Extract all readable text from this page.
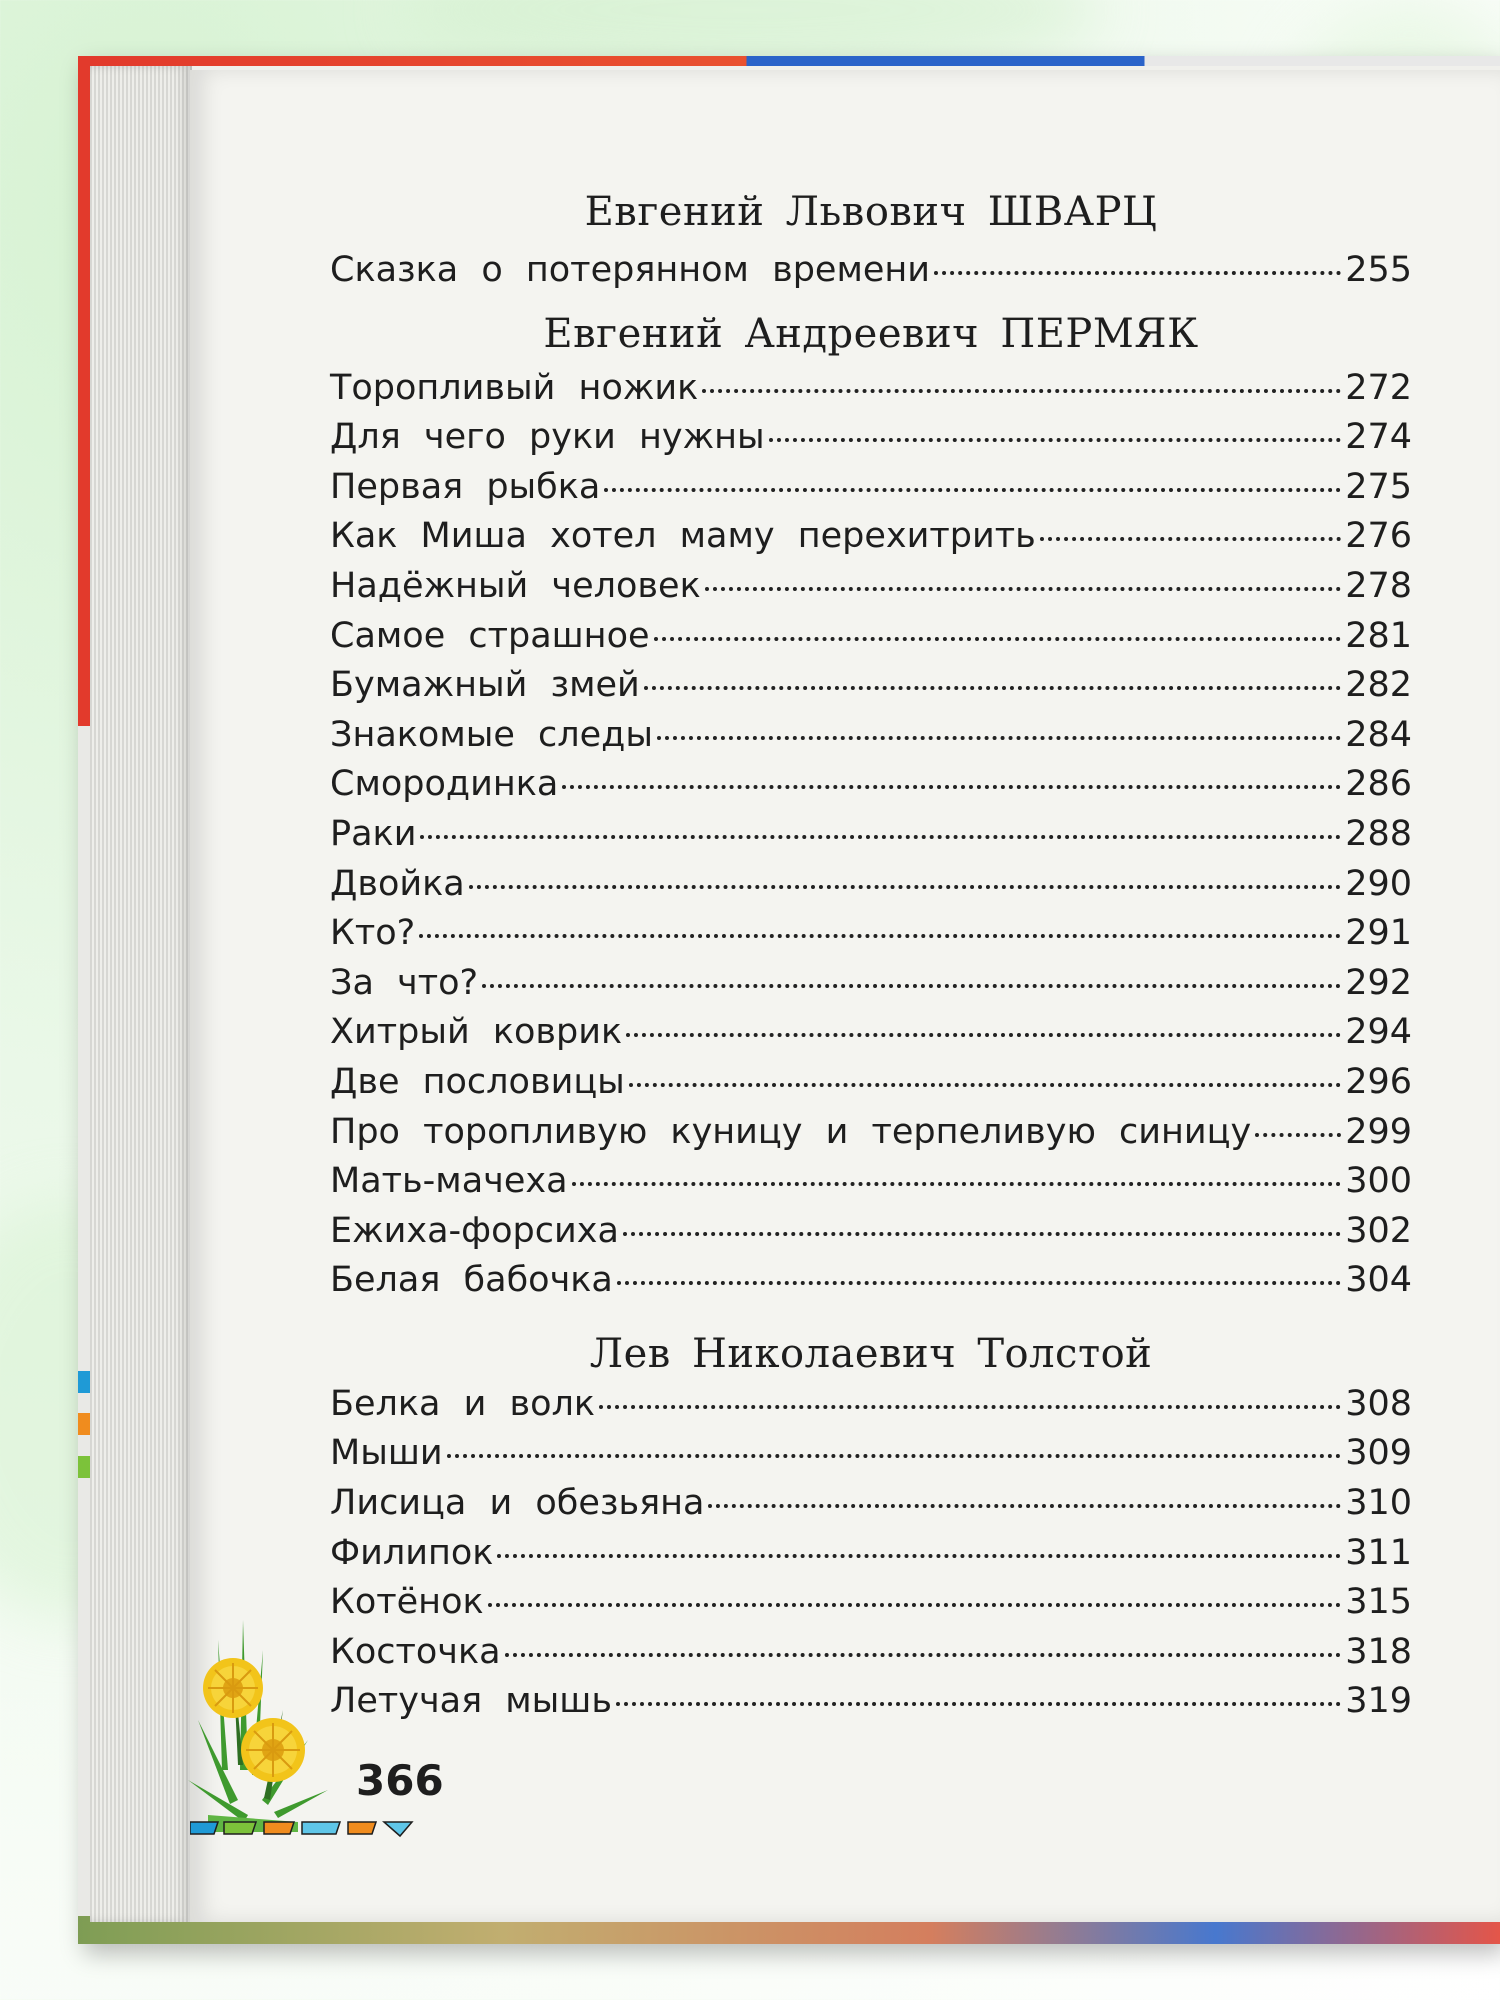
Евгений Львович ШВАРЦ
Сказка о потерянном времени	255
Евгений Андреевич ПЕРМЯК
Торопливый ножик	272
Для чего руки нужны	274
Первая рыбка	275
Как Миша хотел маму перехитрить	276
Надёжный человек	278
Самое страшное	281
Бумажный змей	282
Знакомые следы	284
Смородинка	286
Раки	288
Двойка	290
Кто?	291
За что?	292
Хитрый коврик	294
Две пословицы	296
Про торопливую куницу и терпеливую синицу	299
Мать-мачеха	300
Ежиха-форсиха	302
Белая бабочка	304
Лев Николаевич Толстой
Белка и волк	308
Мыши	309
Лисица и обезьяна	310
Филипок	311
Котёнок	315
Косточка	318
Летучая мышь	319
366
